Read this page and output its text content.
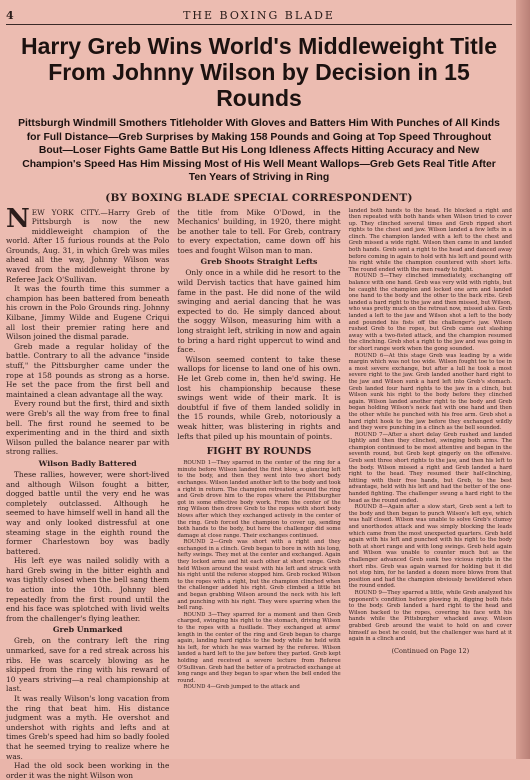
4	THE BOXING BLADE
Harry Greb Wins World's Middleweight Title From Johnny Wilson by Decision in 15 Rounds
Pittsburgh Windmill Smothers Titleholder With Gloves and Batters Him With Punches of All Kinds for Full Distance—Greb Surprises by Making 158 Pounds and Going at Top Speed Throughout Bout—Loser Fights Game Battle But His Long Idleness Affects Hitting Accuracy and New Champion's Speed Has Him Missing Most of His Well Meant Wallops—Greb Gets Real Title After Ten Years of Striving in Ring
(BY BOXING BLADE SPECIAL CORRESPONDENT)

NEW YORK CITY.—Harry Greb of Pittsburgh is now the new middleweight champion of the world. After 15 furious rounds at the Polo Grounds, Aug. 31, in which Greb was miles ahead all the way, Johnny Wilson was waved from the middleweight throne by Referee Jack O'Sullivan.

It was the fourth time this summer a champion has been battered from beneath his crown in the Polo Grounds ring. Johnny Kilbane, Jimmy Wilde and Eugene Criqui all lost their premier rating here and Wilson joined the dismal parade.

Greb made a regular holiday of the battle. Contrary to all the advance "inside stuff," the Pittsburgher came under the rope at 158 pounds as strong as a horse. He set the pace from the first bell and maintained a clean advantage all the way.

Every round but the first, third and sixth were Greb's all the way from free to final bell. The first round he seemed to be experimenting and in the third and sixth Wilson pulled the balance nearer par with strong rallies.

Wilson Badly Battered

These rallies, however, were short-lived and although Wilson fought a bitter, dogged battle until the very end he was completely outclassed. Although he seemed to have himself well in hand all the way and only looked distressful at one steaming stage in the eighth round the former Charlestown boy was badly battered.

His left eye was nailed solidly with a hard Greb swing in the bitter eighth and was tightly closed when the bell sang them to action into the 10th. Johnny bled repeatedly from the first round until the end his face was splotched with livid welts from the challenger's flying leather.

Greb Unmarked

Greb, on the contrary left the ring unmarked, save for a red streak across his ribs. He was scarcely blowing as he skipped from the ring with his reward of 10 years striving—a real championship at last.

It was really Wilson's long vacation from the ring that beat him. His distance judgment was a myth. He overshot and undershot with rights and lefts and at times Greb's speed had him so badly fooled that he seemed trying to realize where he was.

Had the old sock been working in the order it was the night Wilson won

the title from Mike O'Dowd, in the Mechanics' building, in 1920, there might be another tale to tell. For Greb, contrary to every expectation, came down off his toes and fought Wilson man to man.

Greb Shoots Straight Lefts

Only once in a while did he resort to the wild Dervish tactics that have gained him fame in the past. He did none of the wild swinging and aerial dancing that he was expected to do. He simply danced about the soggy Wilson, measuring him with a long straight left, striking in now and again to bring a hard right uppercut to wind and face.

Wilson seemed content to take these wallops for license to land one of his own. He let Greb come in, then he'd swing. He lost his championship because these swings went wide of their mark. It is doubtful if five of them landed solidly in the 15 rounds, while Greb, notoriously a weak hitter, was blistering in rights and lefts that piled up his mountain of points.

FIGHT BY ROUNDS

ROUND 1—They sparred in the center of the ring for a minute before Wilson landed the first blow, a glancing left to the body, and then they went into two short body exchanges. Wilson landed another left to the body and took a right in return. The champion retreated around the ring and Greb drove him to the ropes where the Pittsburgher got in some effective body work. From the center of the ring Wilson then drove Greb to the ropes with short body blows after which they exchanged actively in the center of the ring. Greb forced the champion to cover up, sending both hands to the body, but here the challenger did some damage at close range. Their exchanges continued.

ROUND 2—Greb was short with a right and they exchanged in a clinch. Greb began to bore in with his long, hefty swings. They met at the center and exchanged. Again they locked arms and hit each other at short range. Greb held Wilson around the waist with his left and struck with his right until the referee stopped him. Greb rocked Wilson to the ropes with a right, but the champion clinched when the challenger added his right. Greb climbed a little bit and began grabbing Wilson around the neck with his left and punching with his right. They were sparring when the bell rang.

ROUND 3—They sparred for a moment and then Greb charged, swinging his right to the stomach, driving Wilson to the ropes with a fusillade. They exchanged at arms' length in the center of the ring and Greb began to charge again, landing hard rights to the body while he held with his left, for which he was warned by the referee. Wilson landed a hard left to the jaw before they parted. Greb kept holding and received a severe lecture from Referee O'Sullivan. Greb had the better of a protracted exchange at long range and they began to spar when the bell ended the round.

ROUND 4—Greb jumped to the attack and

landed both hands to the head. He blocked a right and then repeated with both hands when Wilson tried to cover up. They clinched several times and Greb ripped short rights to the chest and jaw. Wilson landed a few lefts in a clinch. The champion landed with a left to the chest and Greb missed a wide right. Wilson then came in and landed both hands. Greb sent a right to the head and danced away before coming in again to hold with his left and pound with his right while the champion countered with short lefts. The round ended with the men ready to fight.

ROUND 5—They clinched immediately, exchanging off balance with one hand. Greb was very wild with rights, but he caught the champion and locked one arm and landed one hand to the body and the other to the back ribs. Greb landed a hard right to the jaw and then missed, but Wilson, who was pretty much on the retreat now, missed also. Greb landed a left to the jaw and Wilson shot a left to the body and pounded his fists off the challenger's jaw. Wilson rushed Greb to the ropes, but Greb came out slashing away with a two-fisted attack, and the champion resumed the clinching. Greb shot a right to the jaw and was going in for short range work when the gong sounded.

ROUND 6—At this stage Greb was leading by a wide margin which was not too wide. Wilson fought toe to toe in a most severe exchange, but after a lull he took a most severe right to the jaw. Greb landed another hard right to the jaw and Wilson sunk a hard left into Greb's stomach. Greb landed four hard rights to the jaw in a clinch, but Wilson sunk his right to the body before they clinched again. Wilson landed another right to the body and Greb began holding Wilson's neck fast with one hand and then the other while he punched with his free arm. Greb shot a hard right hook to the jaw before they exchanged wildly and they were punching in a clinch as the bell sounded.

ROUND 7—After a short delay Greb rushed and landed lightly and then they clinched, swinging both arms. The champion continued to be most attentive and began in the seventh round, but Greb kept gingerly on the offensive. Greb sent three short rights to the jaw, and then his left to the body. Wilson missed a right and Greb landed a hard right to the head. They resumed their half-clinching, hitting with their free hands, but Greb, to the best advantage, held with his left and had the better of the one-handed fighting. The challenger swung a hard right to the head as the round ended.

ROUND 8—Again after a slow start, Greb sent a left to the body and then began to punch Wilson's left eye, which was half closed. Wilson was unable to solve Greb's clumsy and unorthodox attack and was simply blocking the leads which came from the most unexpected quarters. Greb held again with his left and punched with his right to the body both at short range and with long swings. Greb held again and Wilson was unable to counter much but as the challenger advanced Greb sunk two vicious rights in the short ribs. Greb was again warned for holding but it did not stop him, for he landed a dozen more blows from that position and had the champion obviously bewildered when the round ended.

ROUND 9—They sparred a little, while Greb analyzed his opponent's condition before plowing in, digging both fists to the body. Greb landed a hard right to the head and Wilson backed to the ropes, covering his face with his hands while the Pittsburgher whacked away. Wilson grabbed Greb around the waist to hold on and cover himself as best he could, but the challenger was hard at it again in a clinch and

(Continued on Page 12)
